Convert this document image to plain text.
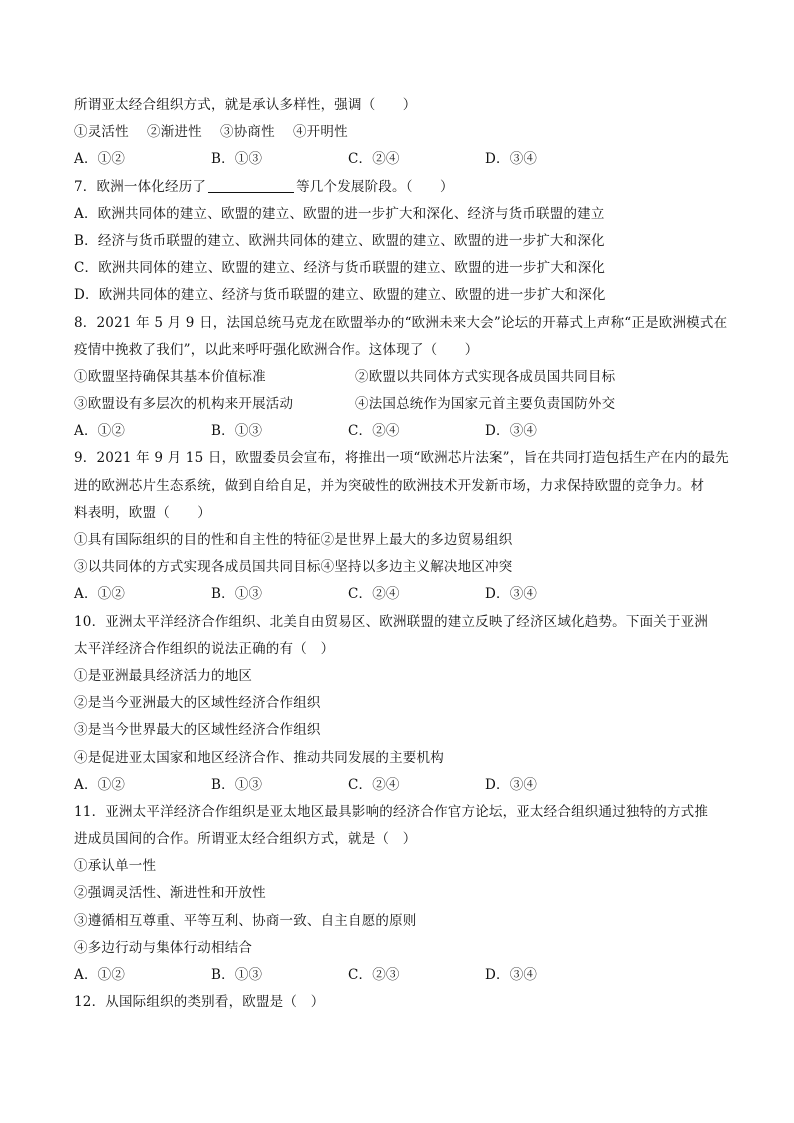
所谓亚太经合组织方式，就是承认多样性，强调（　　）
①灵活性　 ②渐进性　 ③协商性　 ④开明性
A．①②	B．①③	C．②④	D．③④
7．欧洲一体化经历了	等几个发展阶段。（　　）
A．欧洲共同体的建立、欧盟的建立、欧盟的进一步扩大和深化、经济与货币联盟的建立
B．经济与货币联盟的建立、欧洲共同体的建立、欧盟的建立、欧盟的进一步扩大和深化
C．欧洲共同体的建立、欧盟的建立、经济与货币联盟的建立、欧盟的进一步扩大和深化
D．欧洲共同体的建立、经济与货币联盟的建立、欧盟的建立、欧盟的进一步扩大和深化
8．2021 年 5 月 9 日，法国总统马克龙在欧盟举办的“欧洲未来大会”论坛的开幕式上声称“正是欧洲模式在
疫情中挽救了我们”，以此来呼吁强化欧洲合作。这体现了（　　）
①欧盟坚持确保其基本价值标准	②欧盟以共同体方式实现各成员国共同目标
③欧盟设有多层次的机构来开展活动	④法国总统作为国家元首主要负责国防外交
A．①②	B．①③	C．②④	D．③④
9．2021 年 9 月 15 日，欧盟委员会宣布，将推出一项“欧洲芯片法案”，旨在共同打造包括生产在内的最先
进的欧洲芯片生态系统，做到自给自足，并为突破性的欧洲技术开发新市场，力求保持欧盟的竞争力。材
料表明，欧盟（　　）
①具有国际组织的目的性和自主性的特征②是世界上最大的多边贸易组织
③以共同体的方式实现各成员国共同目标④坚持以多边主义解决地区冲突
A．①②	B．①③	C．②④	D．③④
10．亚洲太平洋经济合作组织、北美自由贸易区、欧洲联盟的建立反映了经济区域化趋势。下面关于亚洲
太平洋经济合作组织的说法正确的有（　）
①是亚洲最具经济活力的地区
②是当今亚洲最大的区域性经济合作组织
③是当今世界最大的区域性经济合作组织
④是促进亚太国家和地区经济合作、推动共同发展的主要机构
A．①②	B．①③	C．②④	D．③④
11．亚洲太平洋经济合作组织是亚太地区最具影响的经济合作官方论坛，亚太经合组织通过独特的方式推
进成员国间的合作。所谓亚太经合组织方式，就是（　）
①承认单一性
②强调灵活性、渐进性和开放性
③遵循相互尊重、平等互利、协商一致、自主自愿的原则
④多边行动与集体行动相结合
A．①②	B．①③	C．②③	D．③④
12．从国际组织的类别看，欧盟是（　）
